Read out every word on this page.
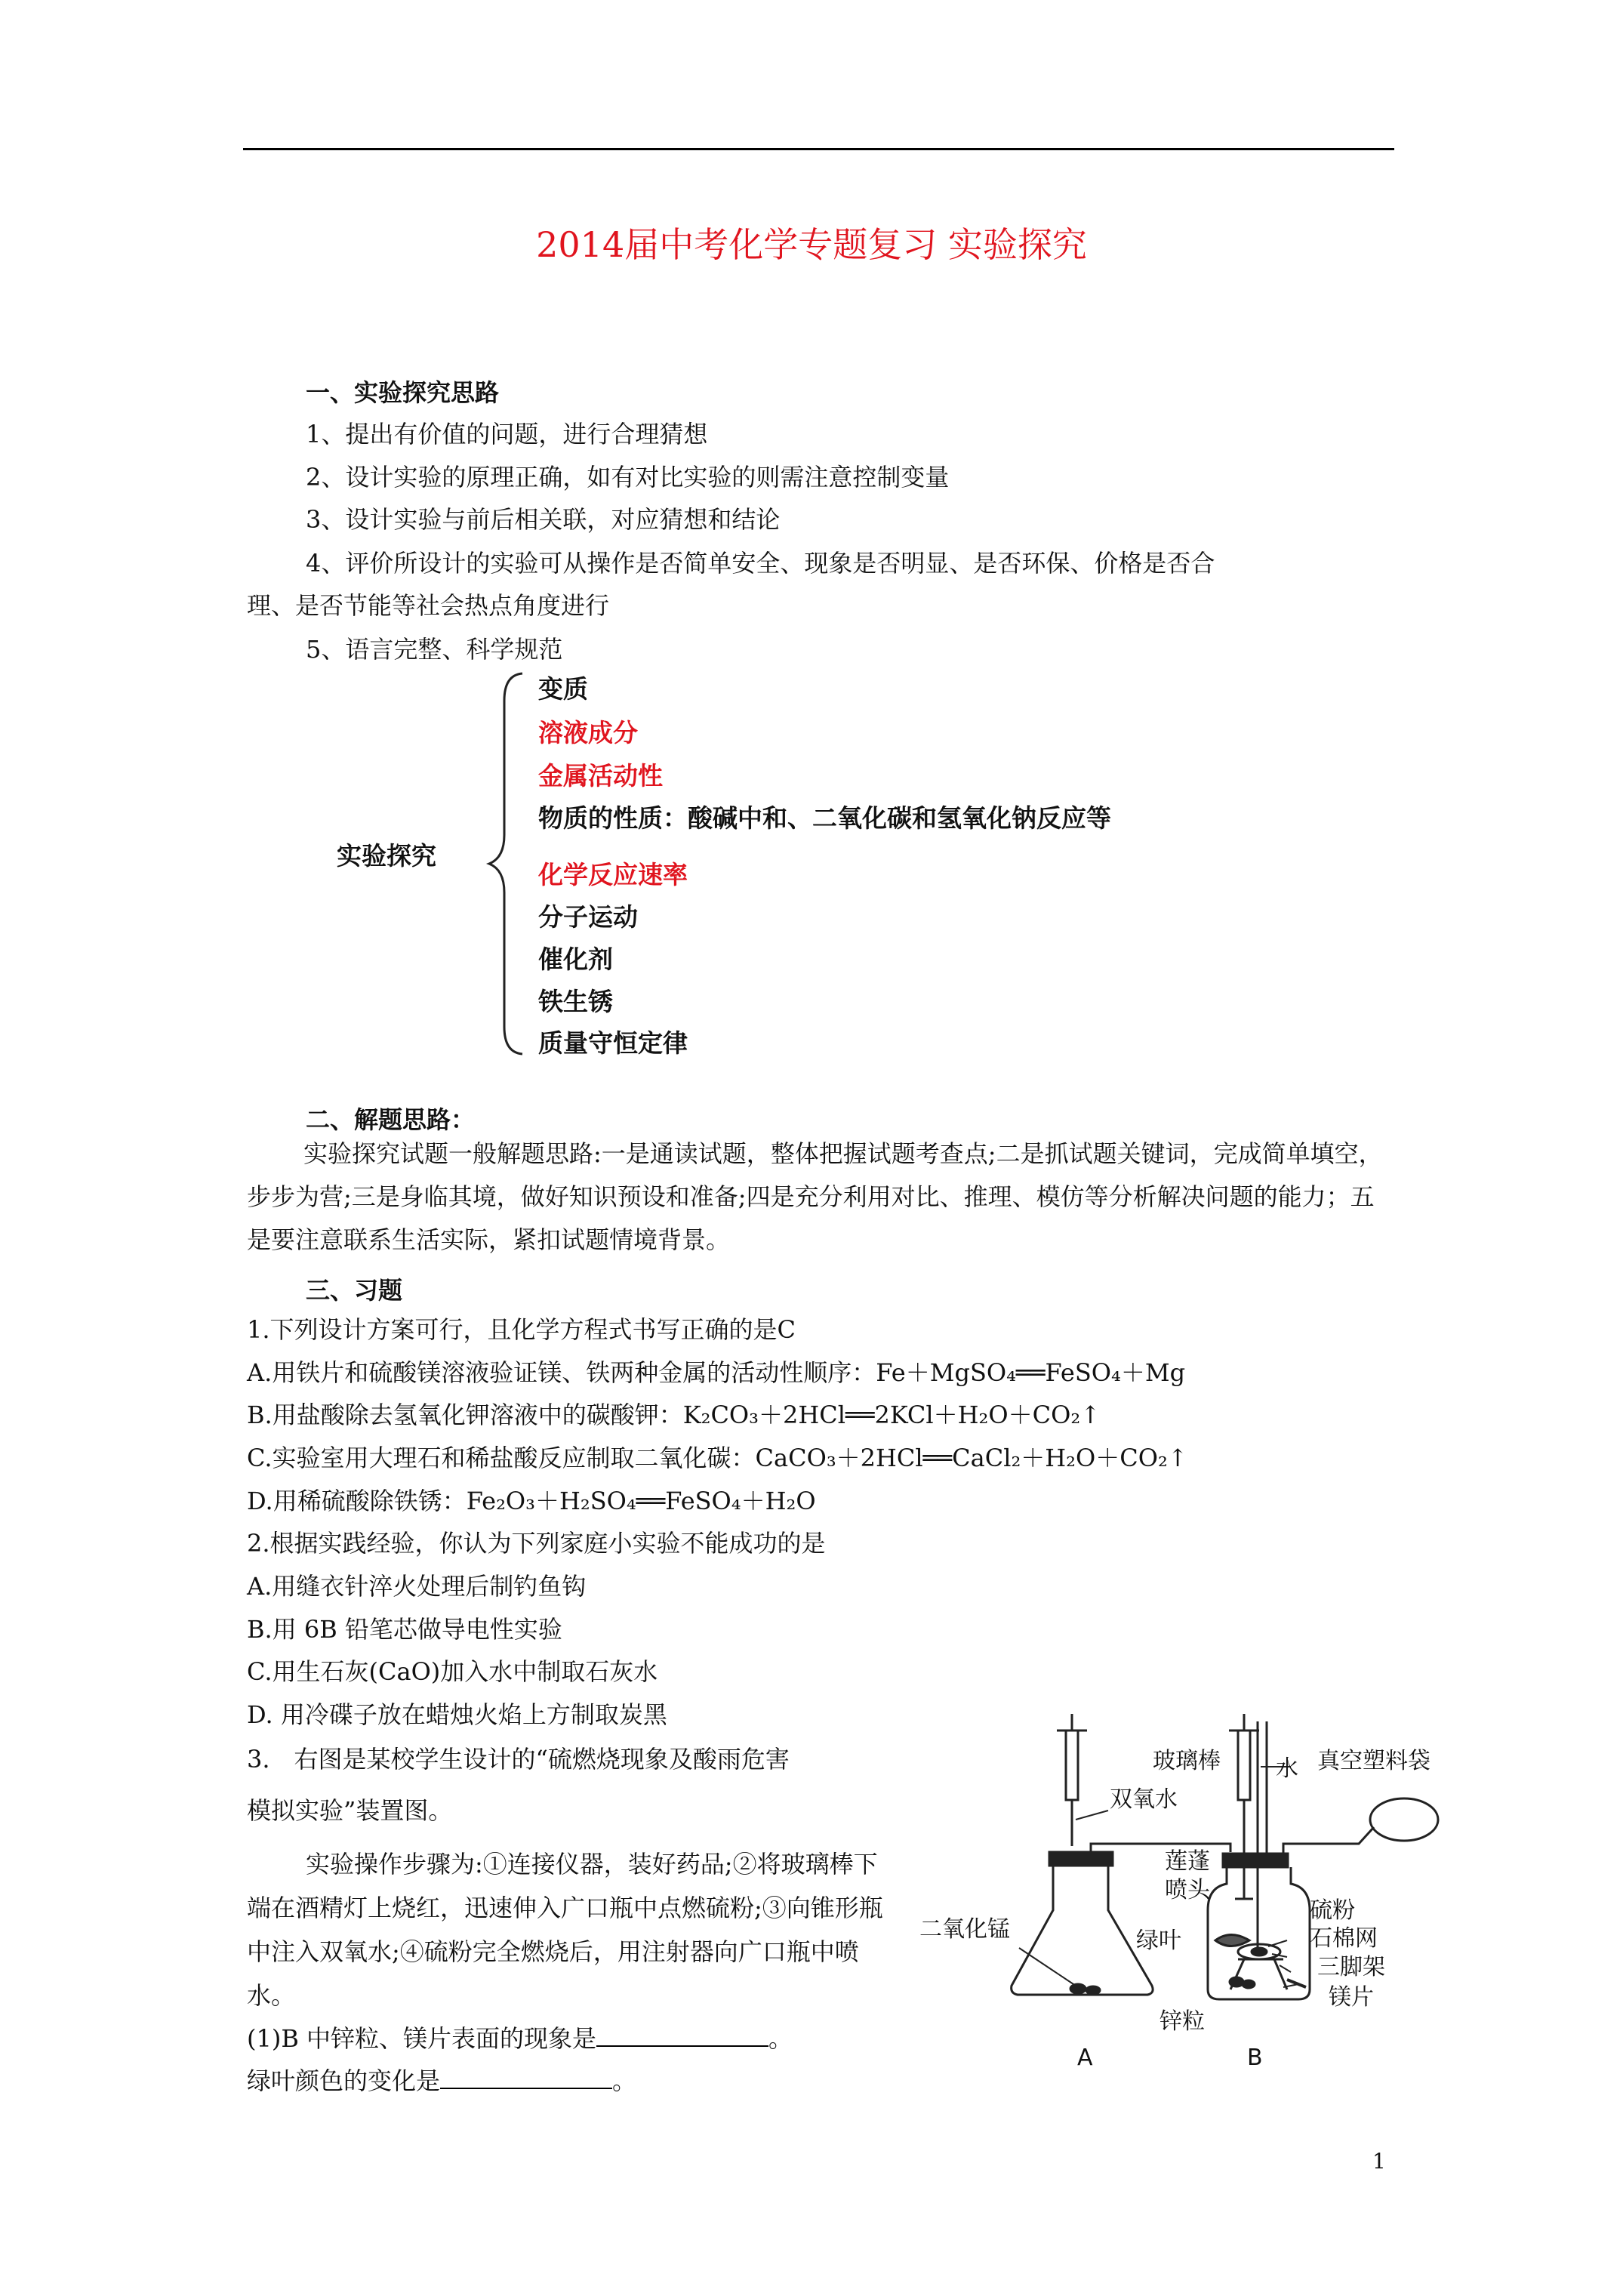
2014届中考化学专题复习 实验探究
一、实验探究思路
1、提出有价值的问题，进行合理猜想
2、设计实验的原理正确，如有对比实验的则需注意控制变量
3、设计实验与前后相关联，对应猜想和结论
4、评价所设计的实验可从操作是否简单安全、现象是否明显、是否环保、价格是否合
理、是否节能等社会热点角度进行
5、语言完整、科学规范
实验探究
变质
溶液成分
金属活动性
物质的性质：酸碱中和、二氧化碳和氢氧化钠反应等
化学反应速率
分子运动
催化剂
铁生锈
质量守恒定律
二、解题思路：
实验探究试题一般解题思路:一是通读试题，整体把握试题考查点;二是抓试题关键词，完成简单填空，步步为营;三是身临其境，做好知识预设和准备;四是充分利用对比、推理、模仿等分析解决问题的能力；五是要注意联系生活实际，紧扣试题情境背景。
三、习题
1.下列设计方案可行，且化学方程式书写正确的是C
A.用铁片和硫酸镁溶液验证镁、铁两种金属的活动性顺序：Fe＋MgSO₄══FeSO₄＋Mg
B.用盐酸除去氢氧化钾溶液中的碳酸钾：K₂CO₃＋2HCl══2KCl＋H₂O＋CO₂↑
C.实验室用大理石和稀盐酸反应制取二氧化碳：CaCO₃＋2HCl══CaCl₂＋H₂O＋CO₂↑
D.用稀硫酸除铁锈：Fe₂O₃＋H₂SO₄══FeSO₄＋H₂O
2.根据实践经验，你认为下列家庭小实验不能成功的是
A.用缝衣针淬火处理后制钓鱼钩
B.用 6B 铅笔芯做导电性实验
C.用生石灰(CaO)加入水中制取石灰水
D. 用冷碟子放在蜡烛火焰上方制取炭黑
3.　右图是某校学生设计的“硫燃烧现象及酸雨危害
模拟实验”装置图。
实验操作步骤为:①连接仪器，装好药品;②将玻璃棒下端在酒精灯上烧红，迅速伸入广口瓶中点燃硫粉;③向锥形瓶中注入双氧水;④硫粉完全燃烧后，用注射器向广口瓶中喷水。
(1)B 中锌粒、镁片表面的现象是	。
绿叶颜色的变化是	。
玻璃棒 水 真空塑料袋
双氧水
莲蓬
喷头
二氧化锰
硫粉
石棉网
绿叶
三脚架
镁片
锌粒
A	B
1
